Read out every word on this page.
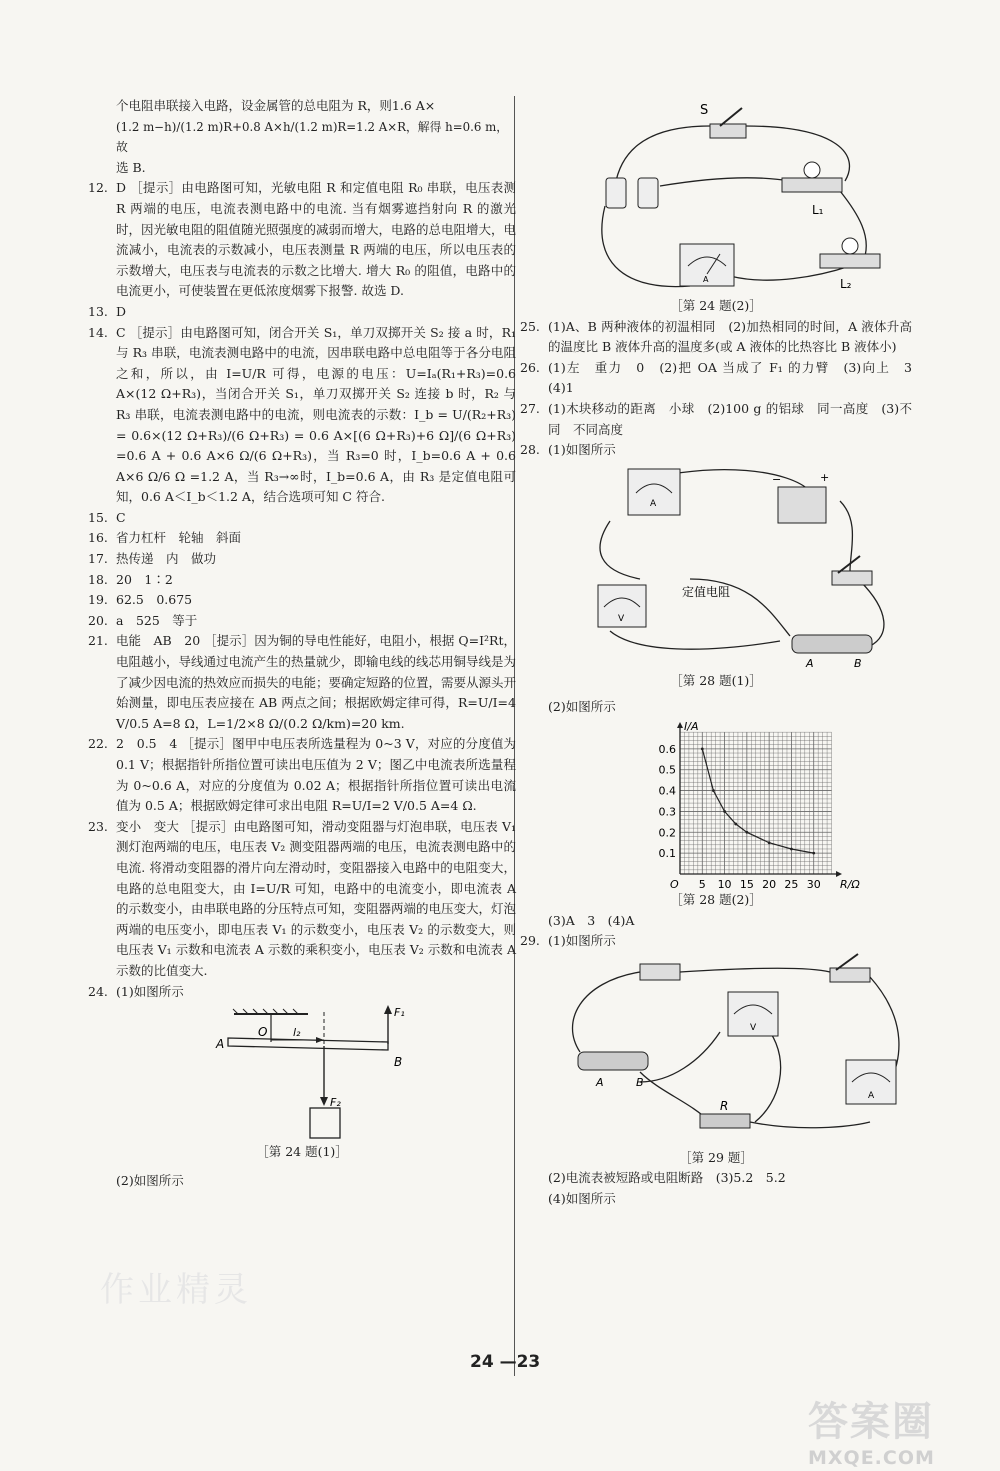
个电阻串联接入电路，设金属管的总电阻为 R，则1.6 A×
(1.2 m−h)/(1.2 m)R+0.8 A×h/(1.2 m)R=1.2 A×R，解得 h=0.6 m，故
选 B.
12. D ［提示］由电路图可知，光敏电阻 R 和定值电阻 R₀ 串联，电压表测 R 两端的电压，电流表测电路中的电流. 当有烟雾遮挡射向 R 的激光时，因光敏电阻的阻值随光照强度的减弱而增大，电路的总电阻增大，电流减小，电流表的示数减小，电压表测量 R 两端的电压，所以电压表的示数增大，电压表与电流表的示数之比增大. 增大 R₀ 的阻值，电路中的电流更小，可使装置在更低浓度烟雾下报警. 故选 D.
13. D
14. C ［提示］由电路图可知，闭合开关 S₁，单刀双掷开关 S₂ 接 a 时，R₁ 与 R₃ 串联，电流表测电路中的电流，因串联电路中总电阻等于各分电阻之和，所以，由 I=U/R 可得，电源的电压：U=Iₐ(R₁+R₃)=0.6 A×(12 Ω+R₃)，当闭合开关 S₁，单刀双掷开关 S₂ 连接 b 时，R₂ 与 R₃ 串联，电流表测电路中的电流，则电流表的示数：I_b = U/(R₂+R₃) = 0.6×(12 Ω+R₃)/(6 Ω+R₃) = 0.6 A×[(6 Ω+R₃)+6 Ω]/(6 Ω+R₃) =0.6 A + 0.6 A×6 Ω/(6 Ω+R₃)，当 R₃=0 时，I_b=0.6 A + 0.6 A×6 Ω/6 Ω =1.2 A，当 R₃→∞时，I_b=0.6 A，由 R₃ 是定值电阻可知，0.6 A＜I_b＜1.2 A，结合选项可知 C 符合.
15. C
16. 省力杠杆　轮轴　斜面
17. 热传递　内　做功
18. 20　1∶2
19. 62.5　0.675
20. a　525　等于
21. 电能　AB　20 ［提示］因为铜的导电性能好，电阻小，根据 Q=I²Rt，电阻越小，导线通过电流产生的热量就少，即输电线的线芯用铜导线是为了减少因电流的热效应而损失的电能；要确定短路的位置，需要从源头开始测量，即电压表应接在 AB 两点之间；根据欧姆定律可得，R=U/I=4 V/0.5 A=8 Ω，L=1/2×8 Ω/(0.2 Ω/km)=20 km.
22. 2　0.5　4 ［提示］图甲中电压表所选量程为 0~3 V，对应的分度值为 0.1 V；根据指针所指位置可读出电压值为 2 V；图乙中电流表所选量程为 0~0.6 A，对应的分度值为 0.02 A；根据指针所指位置可读出电流值为 0.5 A；根据欧姆定律可求出电阻 R=U/I=2 V/0.5 A=4 Ω.
23. 变小　变大 ［提示］由电路图可知，滑动变阻器与灯泡串联，电压表 V₁ 测灯泡两端的电压，电压表 V₂ 测变阻器两端的电压，电流表测电路中的电流. 将滑动变阻器的滑片向左滑动时，变阻器接入电路中的电阻变大，电路的总电阻变大，由 I=U/R 可知，电路中的电流变小，即电流表 A 的示数变小，由串联电路的分压特点可知，变阻器两端的电压变大，灯泡两端的电压变小，即电压表 V₁ 的示数变小，电压表 V₂ 的示数变大，则电压表 V₁ 示数和电流表 A 示数的乘积变小，电压表 V₂ 示数和电流表 A 示数的比值变大.
24. (1)如图所示
A
O l₂
F₁
F₂
B
［第 24 题(1)］
(2)如图所示
S
L₁
L₂
A
［第 24 题(2)］
25. (1)A、B 两种液体的初温相同　(2)加热相同的时间，A 液体升高的温度比 B 液体升高的温度多(或 A 液体的比热容比 B 液体小)
26. (1)左　重力　0　(2)把 OA 当成了 F₁ 的力臂　(3)向上　3　(4)1
27. (1)木块移动的距离　小球　(2)100 g 的铝球　同一高度　(3)不同　不同高度
28. (1)如图所示
A
V
定值电阻
+
−
A	B
［第 28 题(1)］
(2)如图所示
5 10 15 20 25 30
0.1
0.2
0.3
0.4
0.5
0.6
O	R/Ω
I/A
［第 28 题(2)］
(3)A　3　(4)A
29. (1)如图所示
V
A
R
A	B
［第 29 题］
(2)电流表被短路或电阻断路　(3)5.2　5.2
(4)如图所示
作业精灵
24 —23
答案圈
MXQE.COM
